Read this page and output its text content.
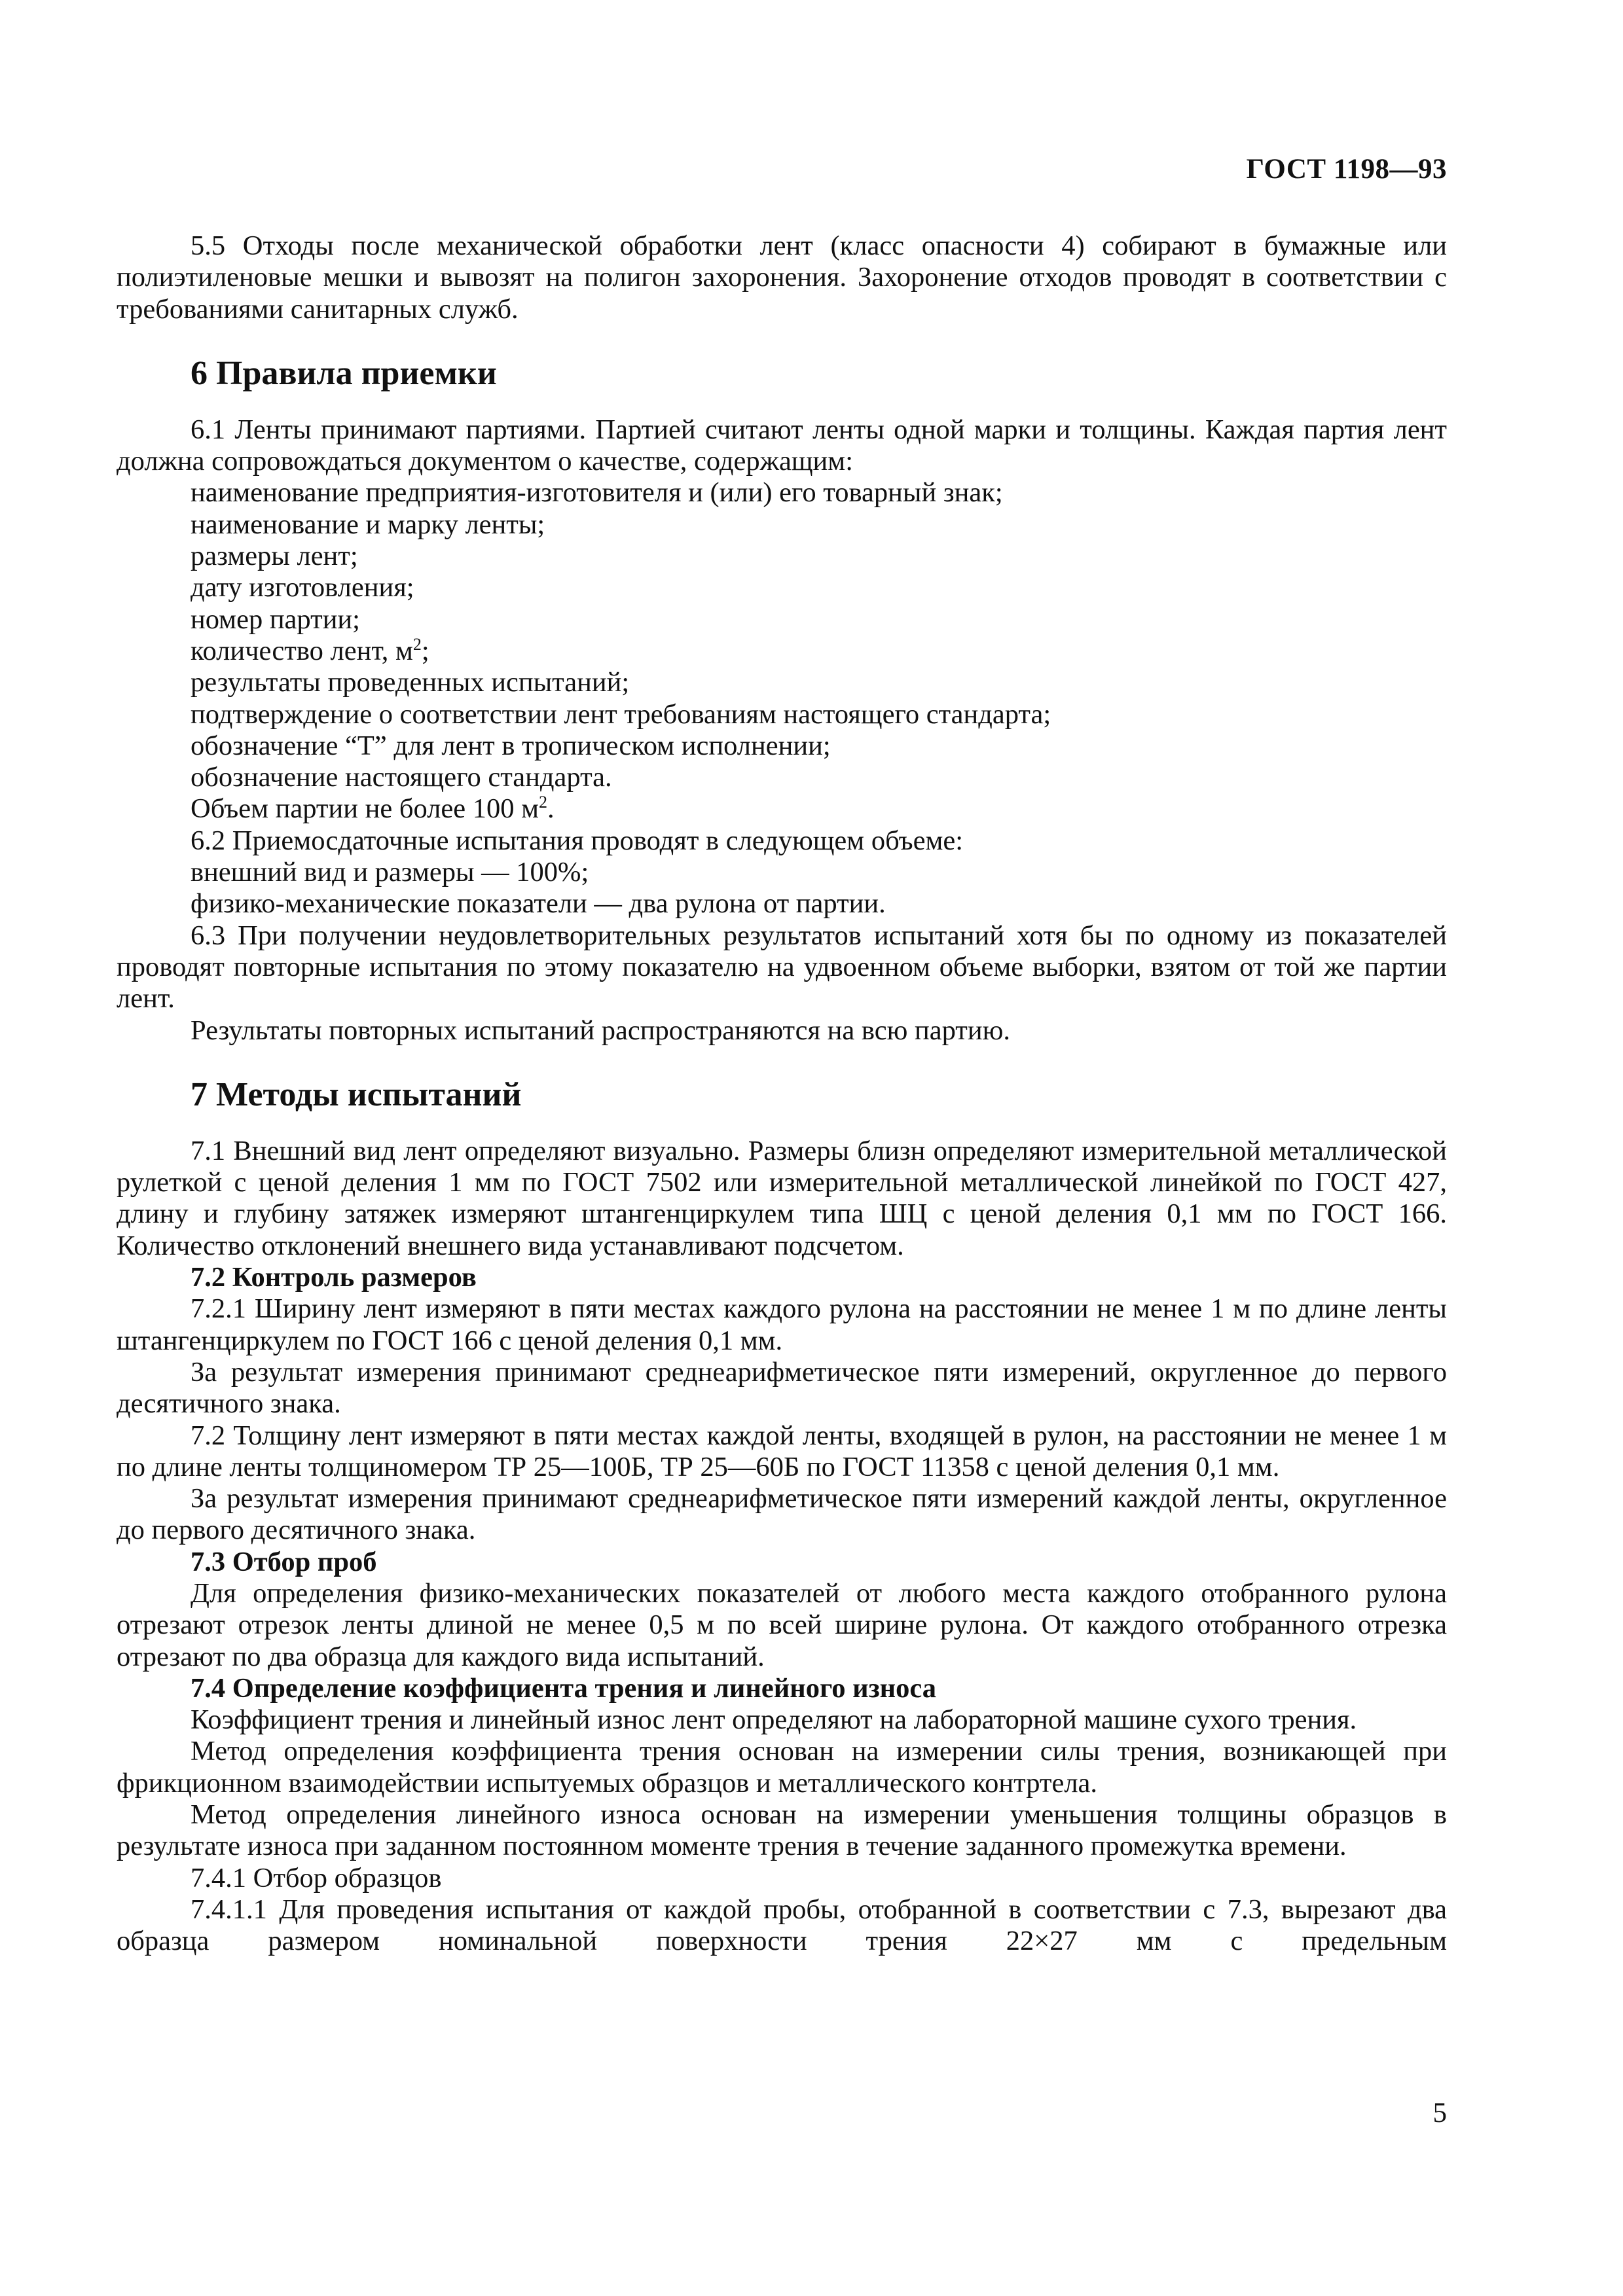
ГОСТ 1198—93

5.5 Отходы после механической обработки лент (класс опасности 4) собирают в бумажные или полиэтиленовые мешки и вывозят на полигон захоронения. Захоронение отходов проводят в соответствии с требованиями санитарных служб.

6 Правила приемки

6.1 Ленты принимают партиями. Партией считают ленты одной марки и толщины. Каждая партия лент должна сопровождаться документом о качестве, содержащим:

наименование предприятия-изготовителя и (или) его товарный знак;

наименование и марку ленты;

размеры лент;

дату изготовления;

номер партии;

количество лент, $м^2$;

результаты проведенных испытаний;

подтверждение о соответствии лент требованиям настоящего стандарта;

обозначение “Т” для лент в тропическом исполнении;

обозначение настоящего стандарта.

Объем партии не более 100 $м^2$.

6.2 Приемосдаточные испытания проводят в следующем объеме:

внешний вид и размеры — 100%;

физико-механические показатели — два рулона от партии.

6.3 При получении неудовлетворительных результатов испытаний хотя бы по одному из показателей проводят повторные испытания по этому показателю на удвоенном объеме выборки, взятом от той же партии лент.

Результаты повторных испытаний распространяются на всю партию.

7 Методы испытаний

7.1 Внешний вид лент определяют визуально. Размеры близн определяют измерительной металлической рулеткой с ценой деления 1 мм по ГОСТ 7502 или измерительной металлической линейкой по ГОСТ 427, длину и глубину затяжек измеряют штангенциркулем типа ШЦ с ценой деления 0,1 мм по ГОСТ 166. Количество отклонений внешнего вида устанавливают подсчетом.

7.2 Контроль размеров

7.2.1 Ширину лент измеряют в пяти местах каждого рулона на расстоянии не менее 1 м по длине ленты штангенциркулем по ГОСТ 166 с ценой деления 0,1 мм.

За результат измерения принимают среднеарифметическое пяти измерений, округленное до первого десятичного знака.

7.2 Толщину лент измеряют в пяти местах каждой ленты, входящей в рулон, на расстоянии не менее 1 м по длине ленты толщиномером ТР 25—100Б, ТР 25—60Б по ГОСТ 11358 с ценой деления 0,1 мм.

За результат измерения принимают среднеарифметическое пяти измерений каждой ленты, округленное до первого десятичного знака.

7.3 Отбор проб

Для определения физико-механических показателей от любого места каждого отобранного рулона отрезают отрезок ленты длиной не менее 0,5 м по всей ширине рулона. От каждого отобранного отрезка отрезают по два образца для каждого вида испытаний.

7.4 Определение коэффициента трения и линейного износа

Коэффициент трения и линейный износ лент определяют на лабораторной машине сухого трения.

Метод определения коэффициента трения основан на измерении силы трения, возникающей при фрикционном взаимодействии испытуемых образцов и металлического контртела.

Метод определения линейного износа основан на измерении уменьшения толщины образцов в результате износа при заданном постоянном моменте трения в течение заданного промежутка времени.

7.4.1 Отбор образцов

7.4.1.1 Для проведения испытания от каждой пробы, отобранной в соответствии с 7.3, вырезают два образца размером номинальной поверхности трения 22×27 мм с предельным

5
